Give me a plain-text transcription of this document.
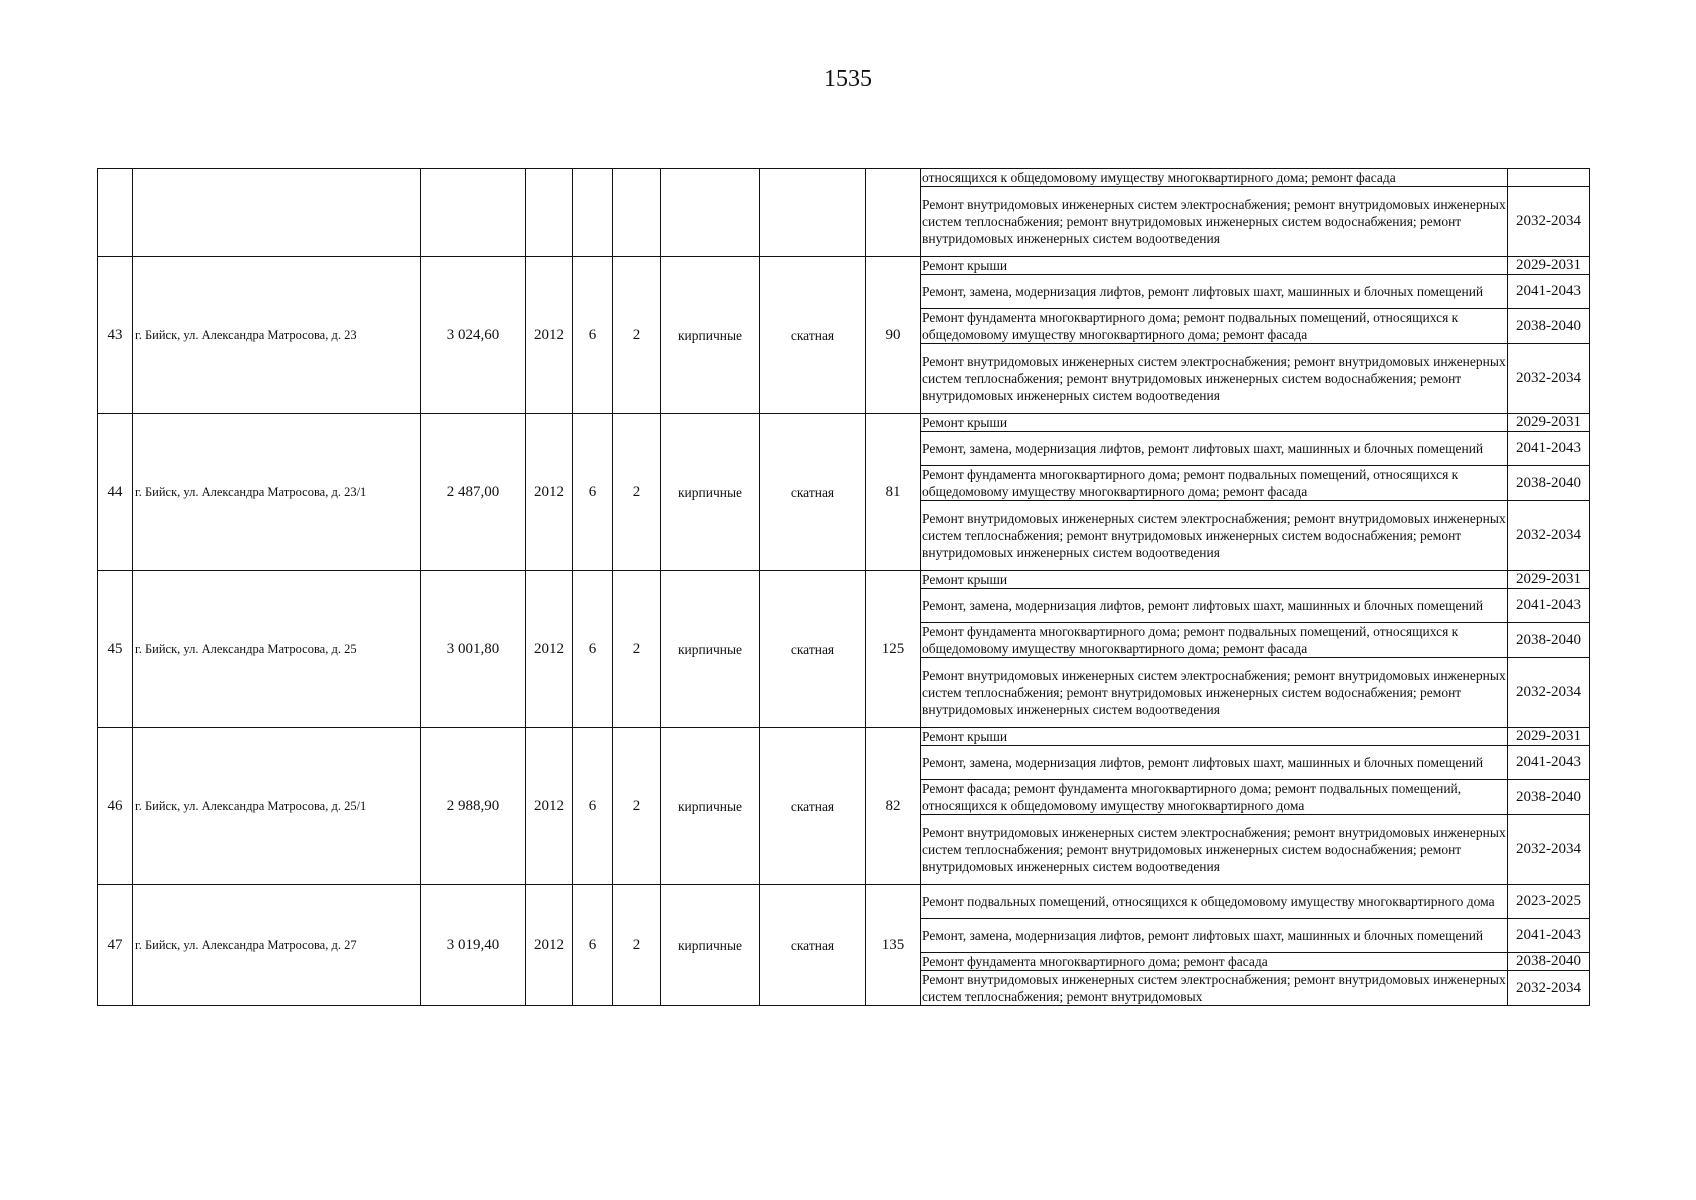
1535
									относящихся к общедомовому имуществу многоквартирного дома; ремонт фасада	
									Ремонт внутридомовых инженерных систем электроснабжения; ремонт внутридомовых инженерных систем теплоснабжения; ремонт внутридомовых инженерных систем водоснабжения; ремонт внутридомовых инженерных систем водоотведения	2032-2034
43	г. Бийск, ул. Александра Матросова, д. 23	3 024,60	2012	6	2	кирпичные	скатная	90	Ремонт крыши	2029-2031
									Ремонт, замена, модернизация лифтов, ремонт лифтовых шахт, машинных и блочных помещений	2041-2043
									Ремонт фундамента многоквартирного дома; ремонт подвальных помещений, относящихся к общедомовому имуществу многоквартирного дома; ремонт фасада	2038-2040
									Ремонт внутридомовых инженерных систем электроснабжения; ремонт внутридомовых инженерных систем теплоснабжения; ремонт внутридомовых инженерных систем водоснабжения; ремонт внутридомовых инженерных систем водоотведения	2032-2034
44	г. Бийск, ул. Александра Матросова, д. 23/1	2 487,00	2012	6	2	кирпичные	скатная	81	Ремонт крыши	2029-2031
									Ремонт, замена, модернизация лифтов, ремонт лифтовых шахт, машинных и блочных помещений	2041-2043
									Ремонт фундамента многоквартирного дома; ремонт подвальных помещений, относящихся к общедомовому имуществу многоквартирного дома; ремонт фасада	2038-2040
									Ремонт внутридомовых инженерных систем электроснабжения; ремонт внутридомовых инженерных систем теплоснабжения; ремонт внутридомовых инженерных систем водоснабжения; ремонт внутридомовых инженерных систем водоотведения	2032-2034
45	г. Бийск, ул. Александра Матросова, д. 25	3 001,80	2012	6	2	кирпичные	скатная	125	Ремонт крыши	2029-2031
									Ремонт, замена, модернизация лифтов, ремонт лифтовых шахт, машинных и блочных помещений	2041-2043
									Ремонт фундамента многоквартирного дома; ремонт подвальных помещений, относящихся к общедомовому имуществу многоквартирного дома; ремонт фасада	2038-2040
									Ремонт внутридомовых инженерных систем электроснабжения; ремонт внутридомовых инженерных систем теплоснабжения; ремонт внутридомовых инженерных систем водоснабжения; ремонт внутридомовых инженерных систем водоотведения	2032-2034
46	г. Бийск, ул. Александра Матросова, д. 25/1	2 988,90	2012	6	2	кирпичные	скатная	82	Ремонт крыши	2029-2031
									Ремонт, замена, модернизация лифтов, ремонт лифтовых шахт, машинных и блочных помещений	2041-2043
									Ремонт фасада; ремонт фундамента многоквартирного дома; ремонт подвальных помещений, относящихся к общедомовому имуществу многоквартирного дома	2038-2040
									Ремонт внутридомовых инженерных систем электроснабжения; ремонт внутридомовых инженерных систем теплоснабжения; ремонт внутридомовых инженерных систем водоснабжения; ремонт внутридомовых инженерных систем водоотведения	2032-2034
47	г. Бийск, ул. Александра Матросова, д. 27	3 019,40	2012	6	2	кирпичные	скатная	135	Ремонт подвальных помещений, относящихся к общедомовому имуществу многоквартирного дома	2023-2025
									Ремонт, замена, модернизация лифтов, ремонт лифтовых шахт, машинных и блочных помещений	2041-2043
									Ремонт фундамента многоквартирного дома; ремонт фасада	2038-2040
									Ремонт внутридомовых инженерных систем электроснабжения; ремонт внутридомовых инженерных систем теплоснабжения; ремонт внутридомовых	2032-2034
